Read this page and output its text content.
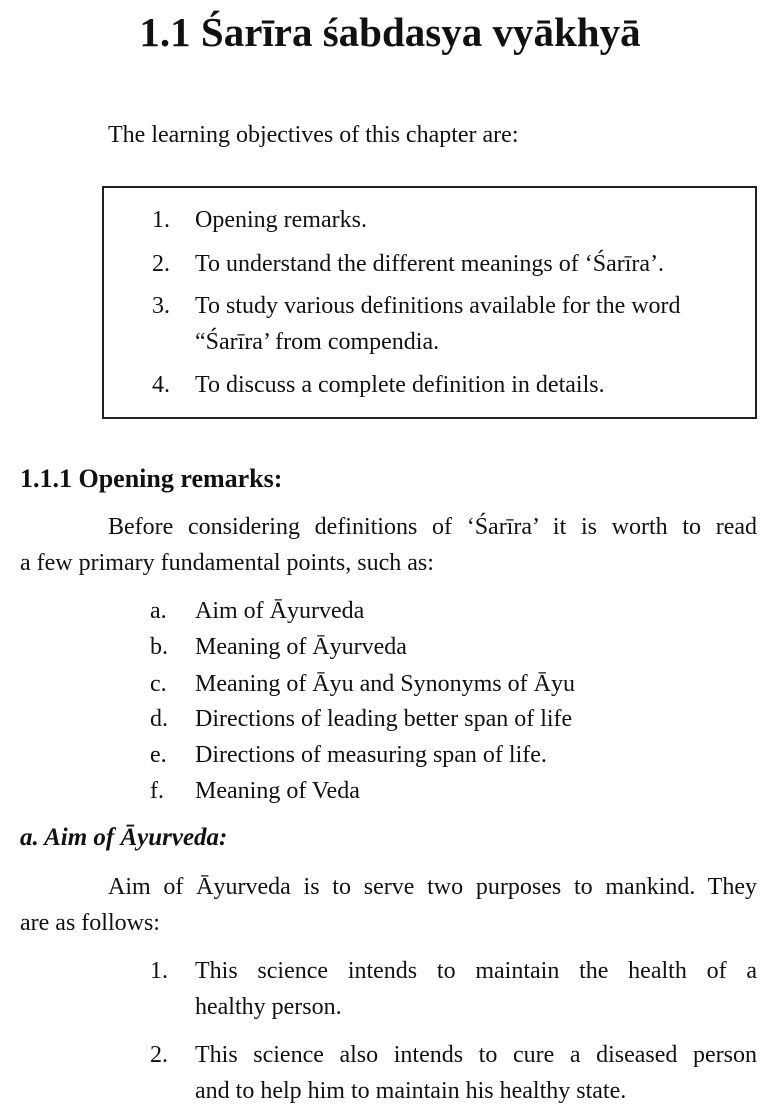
1.1 Śarīra śabdasya vyākhyā
The learning objectives of this chapter are:
1. Opening remarks.
2. To understand the different meanings of ‘Śarīra’.
3. To study various definitions available for the word
“Śarīra’ from compendia.
4. To discuss a complete definition in details.
1.1.1 Opening remarks:
Before considering definitions of ‘Śarīra’ it is worth to read
a few primary fundamental points, such as:
a. Aim of Āyurveda
b. Meaning of Āyurveda
c. Meaning of Āyu and Synonyms of Āyu
d. Directions of leading better span of life
e. Directions of measuring span of life.
f. Meaning of Veda
a. Aim of Āyurveda:
Aim of Āyurveda is to serve two purposes to mankind. They
are as follows:
1. This science intends to maintain the health of a
healthy person.
2. This science also intends to cure a diseased person
and to help him to maintain his healthy state.
